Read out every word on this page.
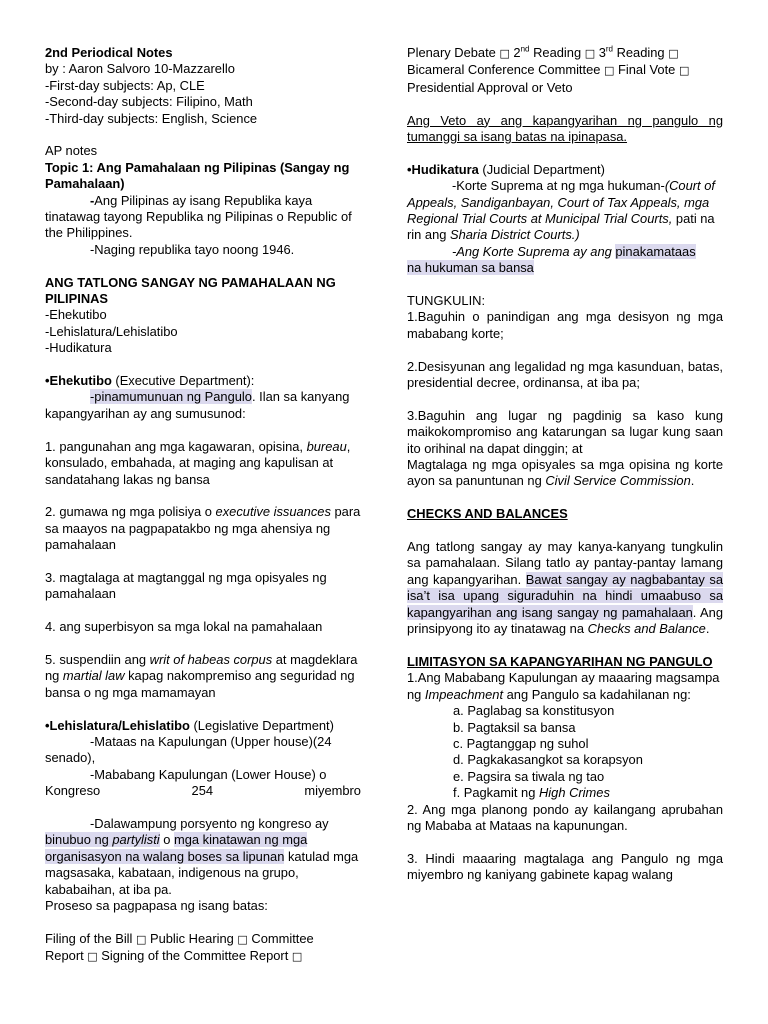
2nd Periodical Notes

by : Aaron Salvoro 10-Mazzarello

-First-day subjects: Ap, CLE

-Second-day subjects: Filipino, Math

-Third-day subjects: English, Science

AP notes

Topic 1: Ang Pamahalaan ng Pilipinas (Sangay ng Pamahalaan)

-Ang Pilipinas ay isang Republika kaya tinatawag tayong Republika ng Pilipinas o Republic of the Philippines.

-Naging republika tayo noong 1946.

ANG TATLONG SANGAY NG PAMAHALAAN NG PILIPINAS

-Ehekutibo

-Lehislatura/Lehislatibo

-Hudikatura

•Ehekutibo (Executive Department):

-pinamumunuan ng Pangulo. Ilan sa kanyang kapangyarihan ay ang sumusunod:

1. pangunahan ang mga kagawaran, opisina, bureau, konsulado, embahada, at maging ang kapulisan at sandatahang lakas ng bansa

2. gumawa ng mga polisiya o executive issuances para sa maayos na pagpapatakbo ng mga ahensiya ng pamahalaan

3. magtalaga at magtanggal ng mga opisyales ng pamahalaan

4. ang superbisyon sa mga lokal na pamahalaan

5. suspendiin ang writ of habeas corpus at magdeklara ng martial law kapag nakompremiso ang seguridad ng bansa o ng mga mamamayan

•Lehislatura/Lehislatibo (Legislative Department)

-Mataas na Kapulungan (Upper house)(24 senado),

-Mababang Kapulungan (Lower House) o

Kongreso	254	miyembro

-Dalawampung porsyento ng kongreso ay binubuo ng partylisti o mga kinatawan ng mga organisasyon na walang boses sa lipunan katulad mga magsasaka, kabataan, indigenous na grupo, kababaihan, at iba pa.

Proseso sa pagpapasa ng isang batas:

Filing of the Bill □ Public Hearing □ Committee

Report □ Signing of the Committee Report □

Plenary Debate □ 2nd Reading □ 3rd Reading □

Bicameral Conference Committee □ Final Vote □

Presidential Approval or Veto

Ang Veto ay ang kapangyarihan ng pangulo ng tumanggi sa isang batas na ipinapasa.

•Hudikatura (Judicial Department)

-Korte Suprema at ng mga hukuman-(Court of Appeals, Sandiganbayan, Court of Tax Appeals, mga Regional Trial Courts at Municipal Trial Courts, pati na rin ang Sharia District Courts.)

-Ang Korte Suprema ay ang pinakamataas
na hukuman sa bansa

TUNGKULIN:

1.Baguhin o panindigan ang mga desisyon ng mga mababang korte;

2.Desisyunan ang legalidad ng mga kasunduan, batas, presidential decree, ordinansa, at iba pa;

3.Baguhin ang lugar ng pagdinig sa kaso kung maikokompromiso ang katarungan sa lugar kung saan ito orihinal na dapat dinggin; at

Magtalaga ng mga opisyales sa mga opisina ng korte ayon sa panuntunan ng Civil Service Commission.

CHECKS AND BALANCES

Ang tatlong sangay ay may kanya-kanyang tungkulin sa pamahalaan. Silang tatlo ay pantay-pantay lamang ang kapangyarihan. Bawat sangay ay nagbabantay sa isa’t isa upang siguraduhin na hindi umaabuso sa kapangyarihan ang isang sangay ng pamahalaan. Ang prinsipyong ito ay tinatawag na Checks and Balance.

LIMITASYON SA KAPANGYARIHAN NG PANGULO

1.Ang Mababang Kapulungan ay maaaring magsampa ng Impeachment ang Pangulo sa kadahilanan ng:

a. Paglabag sa konstitusyon

b. Pagtaksil sa bansa

c. Pagtanggap ng suhol

d. Pagkakasangkot sa korapsyon

e. Pagsira sa tiwala ng tao

f. Pagkamit ng High Crimes

2. Ang mga planong pondo ay kailangang aprubahan ng Mababa at Mataas na kapunungan.

3. Hindi maaaring magtalaga ang Pangulo ng mga miyembro ng kaniyang gabinete kapag walang
